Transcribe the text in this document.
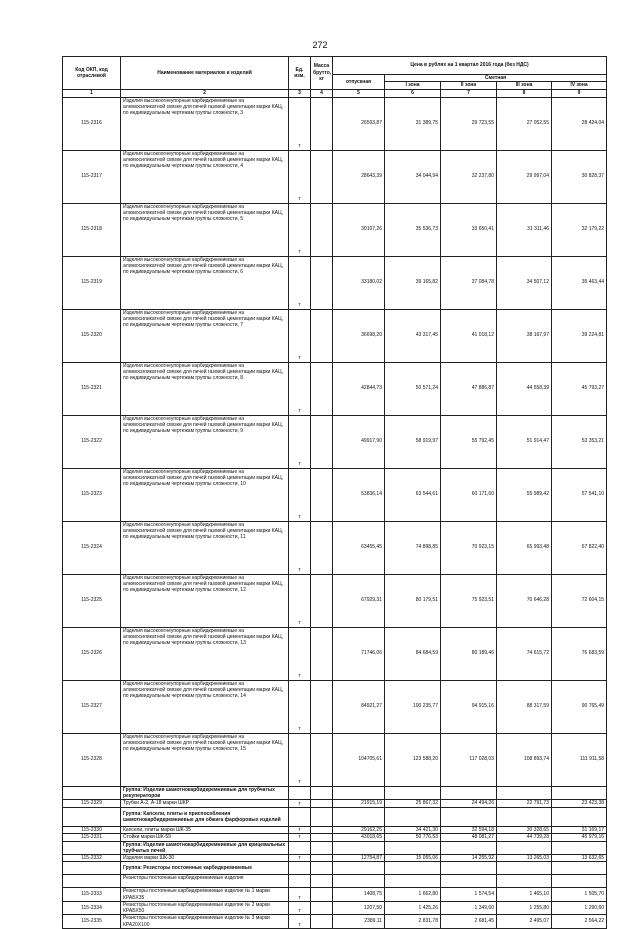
272
Код ОКП, код отраслевой	Наименование материалов и изделий	Ед. изм.	Масса брутто, кг	Цена в рублях на 1 квартал 2016 года (без НДС)				
				отпускная	Сметная			
					I зона	II зона	III зона	IV зона
1	2	3	4	5	6	7	8	9
115-2316	Изделия высокоогнеупорные карбидкремниевые на алюмосиликатной связке для печей газовой цементации марки КАЦ, по индивидуальным чертежам группы сложности, 3	т		26593,87	31 389,75	29 723,55	27 052,55	28 424,04
115-2317	Изделия высокоогнеупорные карбидкремниевые на алюмосиликатной связке для печей газовой цементации марки КАЦ, по индивидуальным чертежам группы сложности, 4	т		28643,39	34 044,94	32 237,80	29 997,04	30 828,37
115-2318	Изделия высокоогнеупорные карбидкремниевые на алюмосиликатной связке для печей газовой цементации марки КАЦ, по индивидуальным чертежам группы сложности, 5	т		30107,26	35 536,73	33 650,41	31 311,46	32 179,22
115-2319	Изделия высокоогнеупорные карбидкремниевые на алюмосиликатной связке для печей газовой цементации марки КАЦ, по индивидуальным чертежам группы сложности, 6	т		33180,02	39 165,82	37 084,78	34 507,12	35 463,44
115-2320	Изделия высокоогнеупорные карбидкремниевые на алюмосиликатной связке для печей газовой цементации марки КАЦ, по индивидуальным чертежам группы сложности, 7	т		36698,20	43 317,45	41 018,12	38 167,97	39 224,81
115-2321	Изделия высокоогнеупорные карбидкремниевые на алюмосиликатной связке для печей газовой цементации марки КАЦ, по индивидуальным чертежам группы сложности, 8	т		42844,73	50 571,24	47 886,87	44 558,39	45 793,27
115-2322	Изделия высокоогнеупорные карбидкремниевые на алюмосиликатной связке для печей газовой цементации марки КАЦ, по индивидуальным чертежам группы сложности, 9	т		49917,90	58 919,97	55 792,45	51 914,47	53 353,21
115-2323	Изделия высокоогнеупорные карбидкремниевые на алюмосиликатной связке для печей газовой цементации марки КАЦ, по индивидуальным чертежам группы сложности, 10	т		53836,14	63 544,61	60 171,60	55 989,42	57 541,10
115-2324	Изделия высокоогнеупорные карбидкремниевые на алюмосиликатной связке для печей газовой цементации марки КАЦ, по индивидуальным чертежам группы сложности, 11	т		63455,45	74 898,85	70 923,15	65 993,48	67 822,40
115-2325	Изделия высокоогнеупорные карбидкремниевые на алюмосиликатной связке для печей газовой цементации марки КАЦ, по индивидуальным чертежам группы сложности, 12	т		67929,31	80 179,51	75 923,51	70 646,28	72 604,15
115-2326	Изделия высокоогнеупорные карбидкремниевые на алюмосиликатной связке для печей газовой цементации марки КАЦ, по индивидуальным чертежам группы сложности, 13	т		71746,06	84 684,59	80 189,46	74 615,72	76 683,59
115-2327	Изделия высокоогнеупорные карбидкремниевые на алюмосиликатной связке для печей газовой цементации марки КАЦ, по индивидуальным чертежам группы сложности, 14	т		84921,27	100 235,77	94 915,16	88 317,59	90 765,49
115-2328	Изделия высокоогнеупорные карбидкремниевые на алюмосиликатной связке для печей газовой цементации марки КАЦ, по индивидуальным чертежам группы сложности, 15	т		104705,61	123 588,20	117 028,03	108 893,74	111 911,58
	Группа: Изделия шамотнокарбидкремниевые для трубчатых рекуператоров							
115-2329	Трубки А-2, А-18 марки ШКР	т		21915,19	25 867,32	24 494,26	22 791,73	23 423,38
	Группа: Капсели, плиты и приспособления шамотнокарбидкремниевые для обжига фарфоровых изделий							
115-2330	Капсели, плиты марки ШК-35	т		29162,25	34 421,30	32 594,18	30 328,65	31 169,17
115-2331	Стойки марки ШК-59	т		43018,65	50 776,53	48 081,27	44 739,28	45 979,16
	Группа: Изделия шамотнокарбидкремниевые для крицевальных трубчатых печей							
115-2332	Изделия марки ШК-30	т		12754,87	15 055,06	14 255,92	13 265,03	13 632,65
	Группа: Резисторы постоянные карбидкремниевые							
	Резисторы постоянные карбидкремниевые изделия							
115-2333	Резисторы постоянные карбидкремниевые изделие № 1 марки КРАБХ35	т		1408,75	1 662,80	1 574,54	1 465,10	1 505,70
115-2334	Резисторы постоянные карбидкремниевые изделие № 2 марки КРАБХ50	т		1207,50	1 425,26	1 349,60	1 255,80	1 290,60
115-2335	Резисторы постоянные карбидкремниевые изделие № 3 марки КРА20Х100	т		2389,11	2 831,78	2 681,45	2 495,07	2 564,22
